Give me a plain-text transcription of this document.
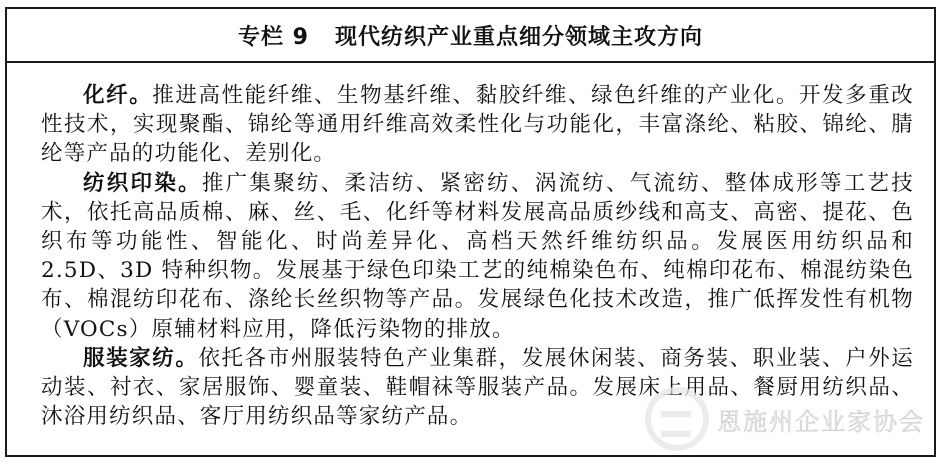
专栏 9 现代纺织产业重点细分领域主攻方向

化纤。推进高性能纤维、生物基纤维、黏胶纤维、绿色纤维的产业化。开发多重改性技术，实现聚酯、锦纶等通用纤维高效柔性化与功能化，丰富涤纶、粘胶、锦纶、腈纶等产品的功能化、差别化。

纺织印染。推广集聚纺、柔洁纺、紧密纺、涡流纺、气流纺、整体成形等工艺技术，依托高品质棉、麻、丝、毛、化纤等材料发展高品质纱线和高支、高密、提花、色织布等功能性、智能化、时尚差异化、高档天然纤维纺织品。发展医用纺织品和 2.5D、3D 特种织物。发展基于绿色印染工艺的纯棉染色布、纯棉印花布、棉混纺染色布、棉混纺印花布、涤纶长丝织物等产品。发展绿色化技术改造，推广低挥发性有机物（VOCs）原辅材料应用，降低污染物的排放。

服装家纺。依托各市州服装特色产业集群，发展休闲装、商务装、职业装、户外运动装、衬衣、家居服饰、婴童装、鞋帽袜等服装产品。发展床上用品、餐厨用纺织品、沐浴用纺织品、客厅用纺织品等家纺产品。	恩施州企业家协会
